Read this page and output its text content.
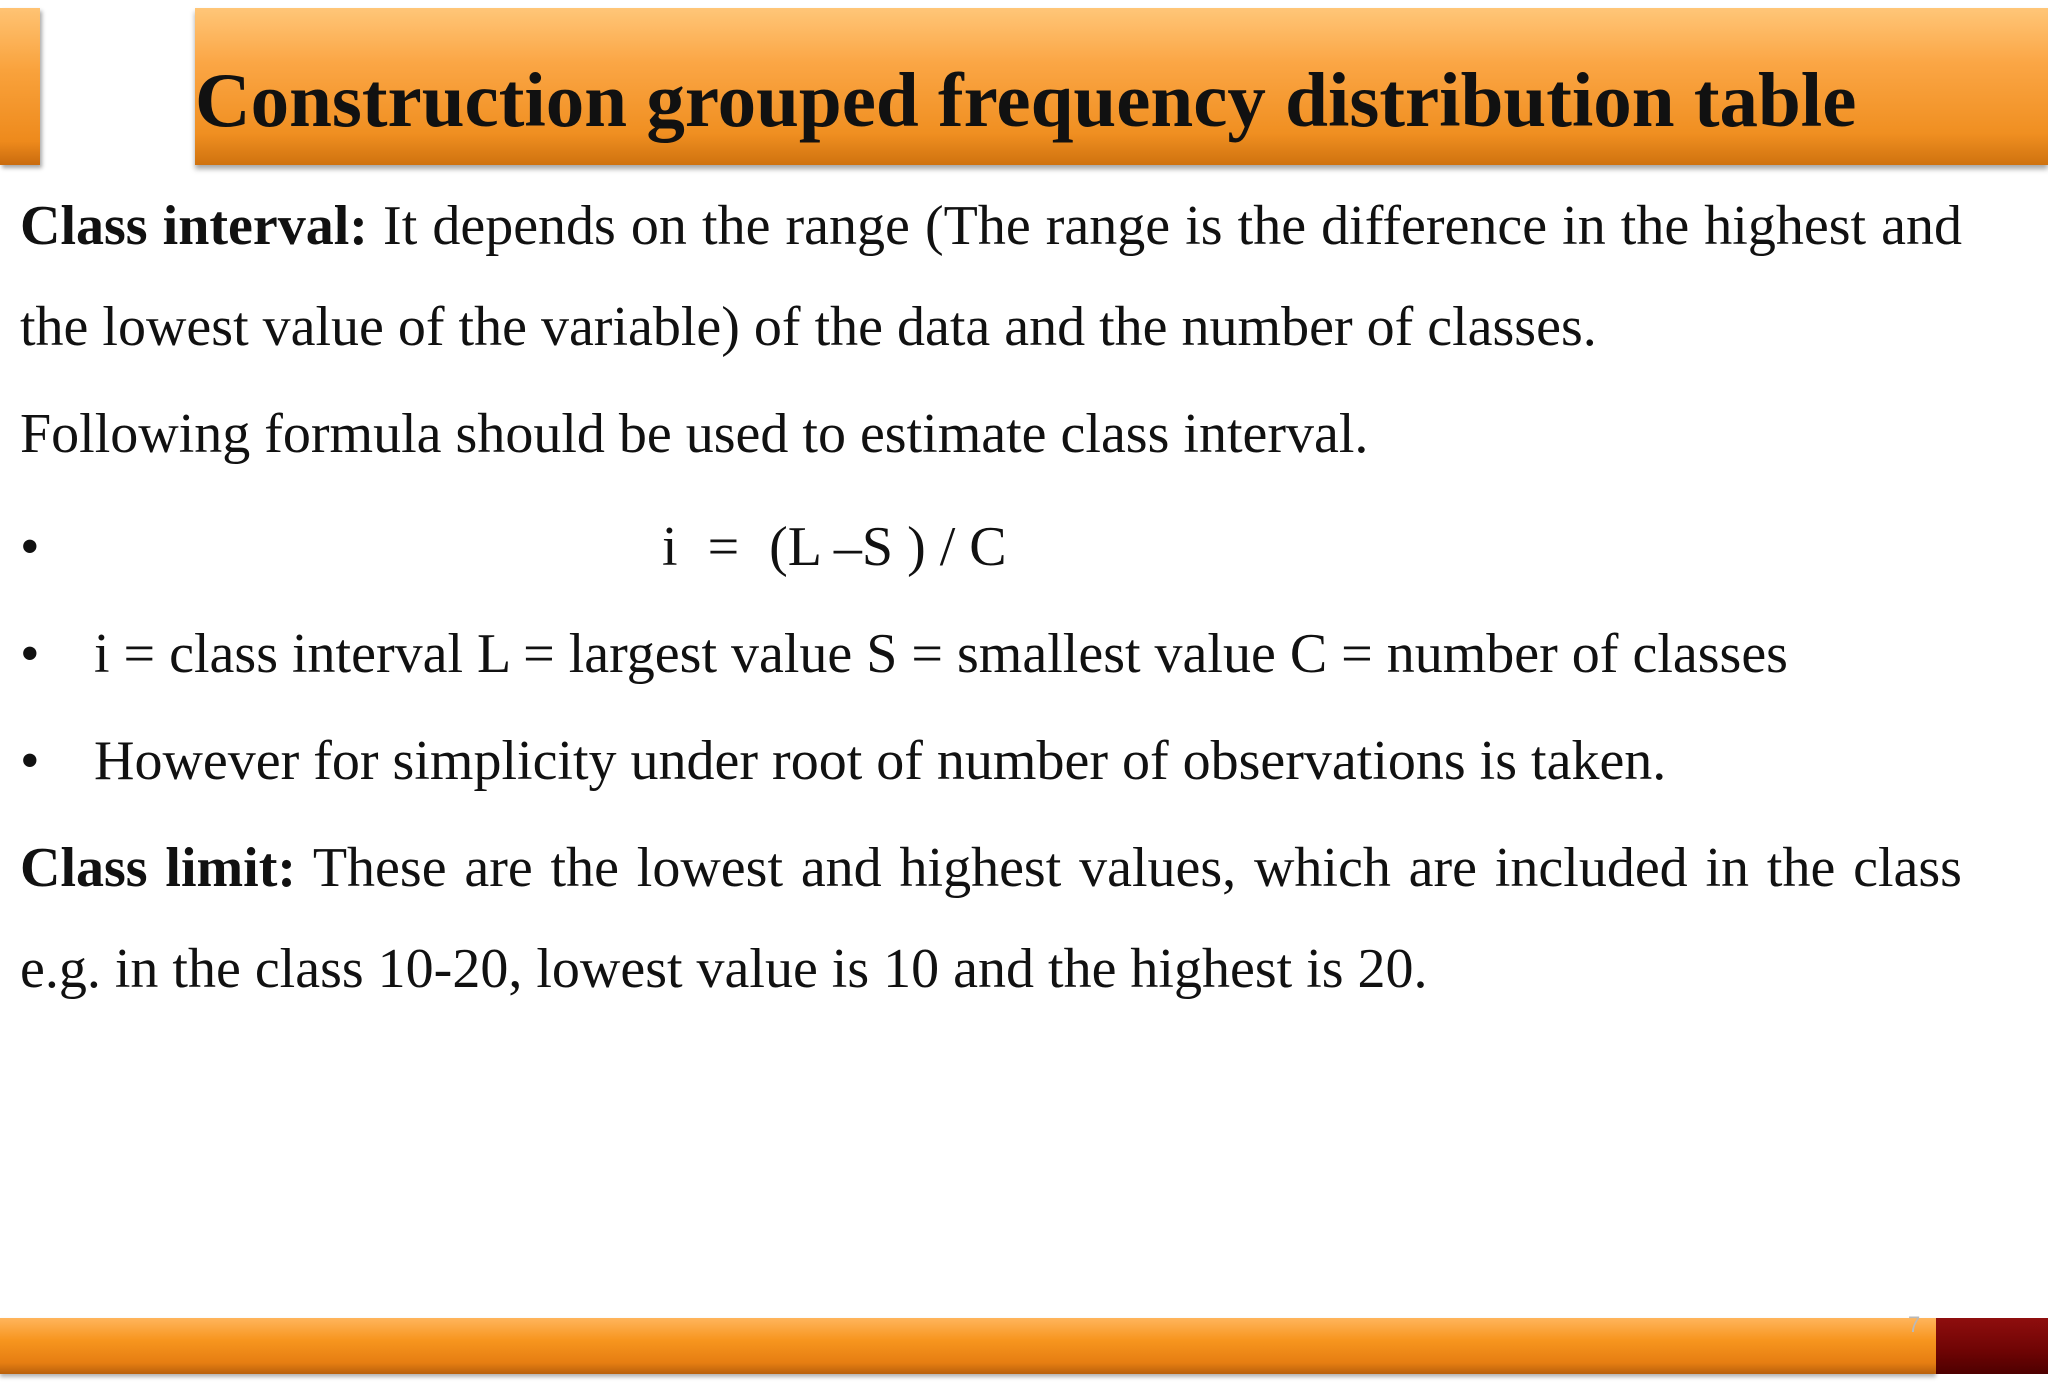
Construction grouped frequency distribution table

Class interval: It depends on the range (The range is the difference in the highest and the lowest value of the variable) of the data and the number of classes.

Following formula should be used to estimate class interval.

•	i = (L –S ) / C

• i = class interval L = largest value S = smallest value C = number of classes
• However for simplicity under root of number of observations is taken.

Class limit: These are the lowest and highest values, which are included in the class e.g. in the class 10-20, lowest value is 10 and the highest is 20.

7
